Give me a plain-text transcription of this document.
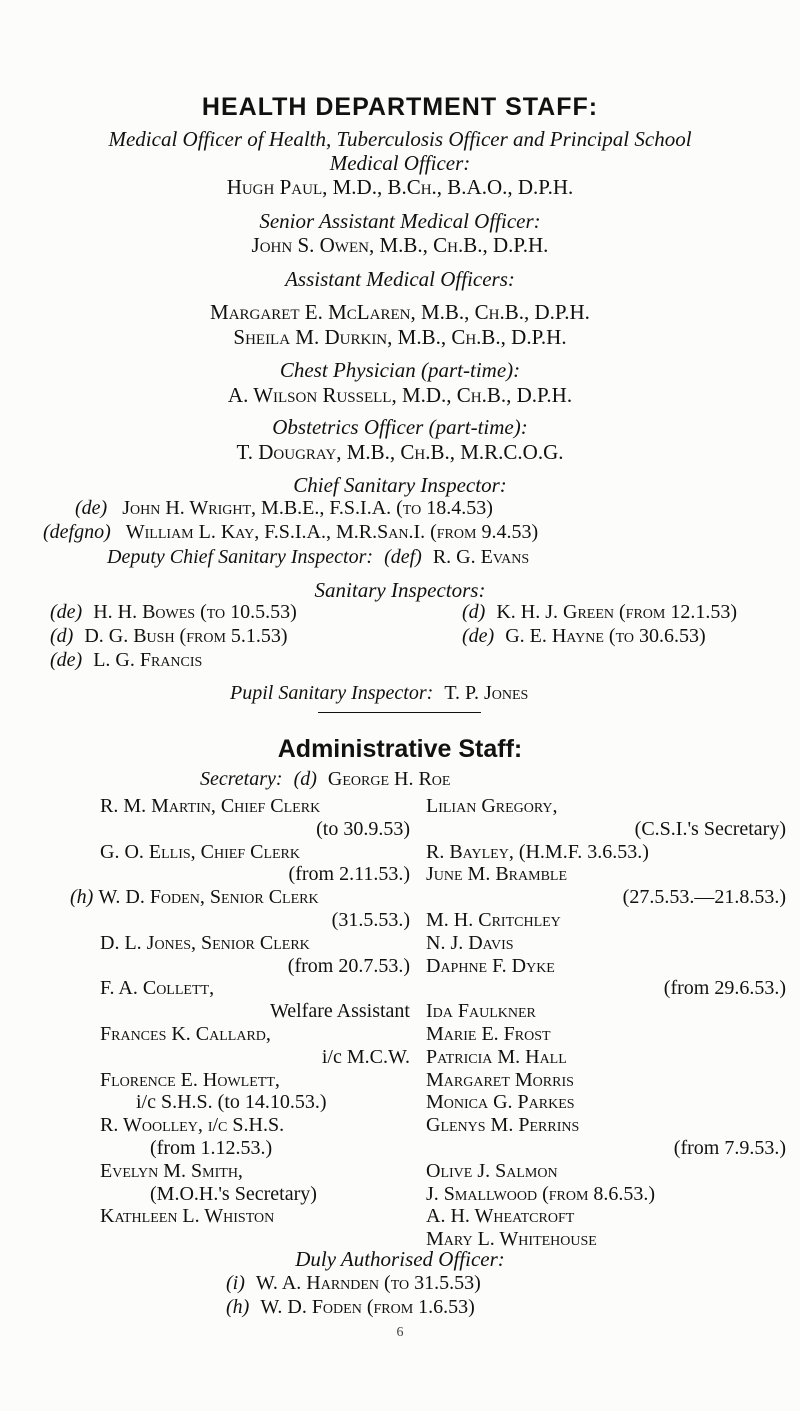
HEALTH DEPARTMENT STAFF:
Medical Officer of Health, Tuberculosis Officer and Principal School
Medical Officer:
Hugh Paul, M.D., B.Ch., B.A.O., D.P.H.
Senior Assistant Medical Officer:
John S. Owen, M.B., Ch.B., D.P.H.
Assistant Medical Officers:
Margaret E. McLaren, M.B., Ch.B., D.P.H.
Sheila M. Durkin, M.B., Ch.B., D.P.H.
Chest Physician (part-time):
A. Wilson Russell, M.D., Ch.B., D.P.H.
Obstetrics Officer (part-time):
T. Dougray, M.B., Ch.B., M.R.C.O.G.
Chief Sanitary Inspector:
(de) John H. Wright, M.B.E., F.S.I.A. (to 18.4.53)
(defgno) William L. Kay, F.S.I.A., M.R.San.I. (from 9.4.53)
Deputy Chief Sanitary Inspector: (def) R. G. Evans
Sanitary Inspectors:
(de) H. H. Bowes (to 10.5.53)
(d) D. G. Bush (from 5.1.53)
(de) L. G. Francis
(d) K. H. J. Green (from 12.1.53)
(de) G. E. Hayne (to 30.6.53)
Pupil Sanitary Inspector: T. P. Jones
Administrative Staff:
Secretary: (d) George H. Roe
R. M. Martin, Chief Clerk
(to 30.9.53)
G. O. Ellis, Chief Clerk
(from 2.11.53.)
(h) W. D. Foden, Senior Clerk
(31.5.53.)
D. L. Jones, Senior Clerk
(from 20.7.53.)
F. A. Collett,
Welfare Assistant
Frances K. Callard,
i/c M.C.W.
Florence E. Howlett,
i/c S.H.S. (to 14.10.53.)
R. Woolley, i/c S.H.S.
(from 1.12.53.)
Evelyn M. Smith,
(M.O.H.'s Secretary)
Kathleen L. Whiston
Lilian Gregory,
(C.S.I.'s Secretary)
R. Bayley, (H.M.F. 3.6.53.)
June M. Bramble
(27.5.53.—21.8.53.)
M. H. Critchley
N. J. Davis
Daphne F. Dyke
(from 29.6.53.)
Ida Faulkner
Marie E. Frost
Patricia M. Hall
Margaret Morris
Monica G. Parkes
Glenys M. Perrins
(from 7.9.53.)
Olive J. Salmon
J. Smallwood (from 8.6.53.)
A. H. Wheatcroft
Mary L. Whitehouse
Duly Authorised Officer:
(i) W. A. Harnden (to 31.5.53)
(h) W. D. Foden (from 1.6.53)
6
